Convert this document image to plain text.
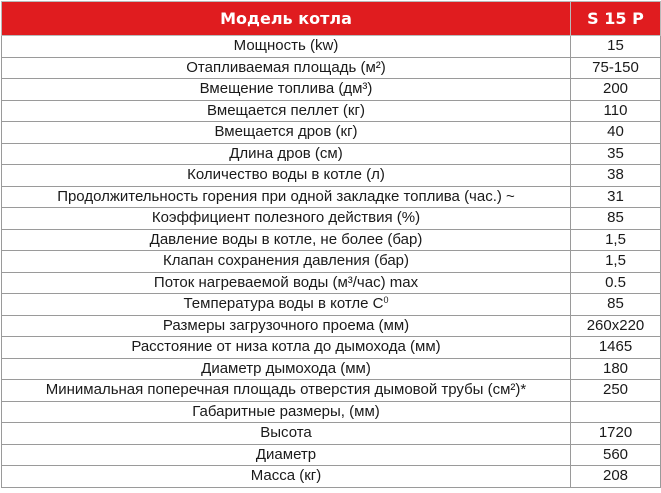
Модель котла	S 15 P
Мощность (kw)	15
Отапливаемая площадь (м²)	75-150
Вмещение топлива (дм³)	200
Вмещается пеллет (кг)	110
Вмещается дров (кг)	40
Длина дров (см)	35
Количество воды в котле (л)	38
Продолжительность горения при одной закладке топлива (час.) ~	31
Коэффициент полезного действия (%)	85
Давление воды в котле, не более (бар)	1,5
Клапан сохранения давления (бар)	1,5
Поток нагреваемой воды (м³/час) max	0.5
Температура воды в котле $С^0$	85
Размеры загрузочного проема (мм)	260x220
Расстояние от низа котла до дымохода (мм)	1465
Диаметр дымохода (мм)	180
Минимальная поперечная площадь отверстия дымовой трубы (см²)*	250
Габаритные размеры, (мм)	
Высота	1720
Диаметр	560
Масса (кг)	208
